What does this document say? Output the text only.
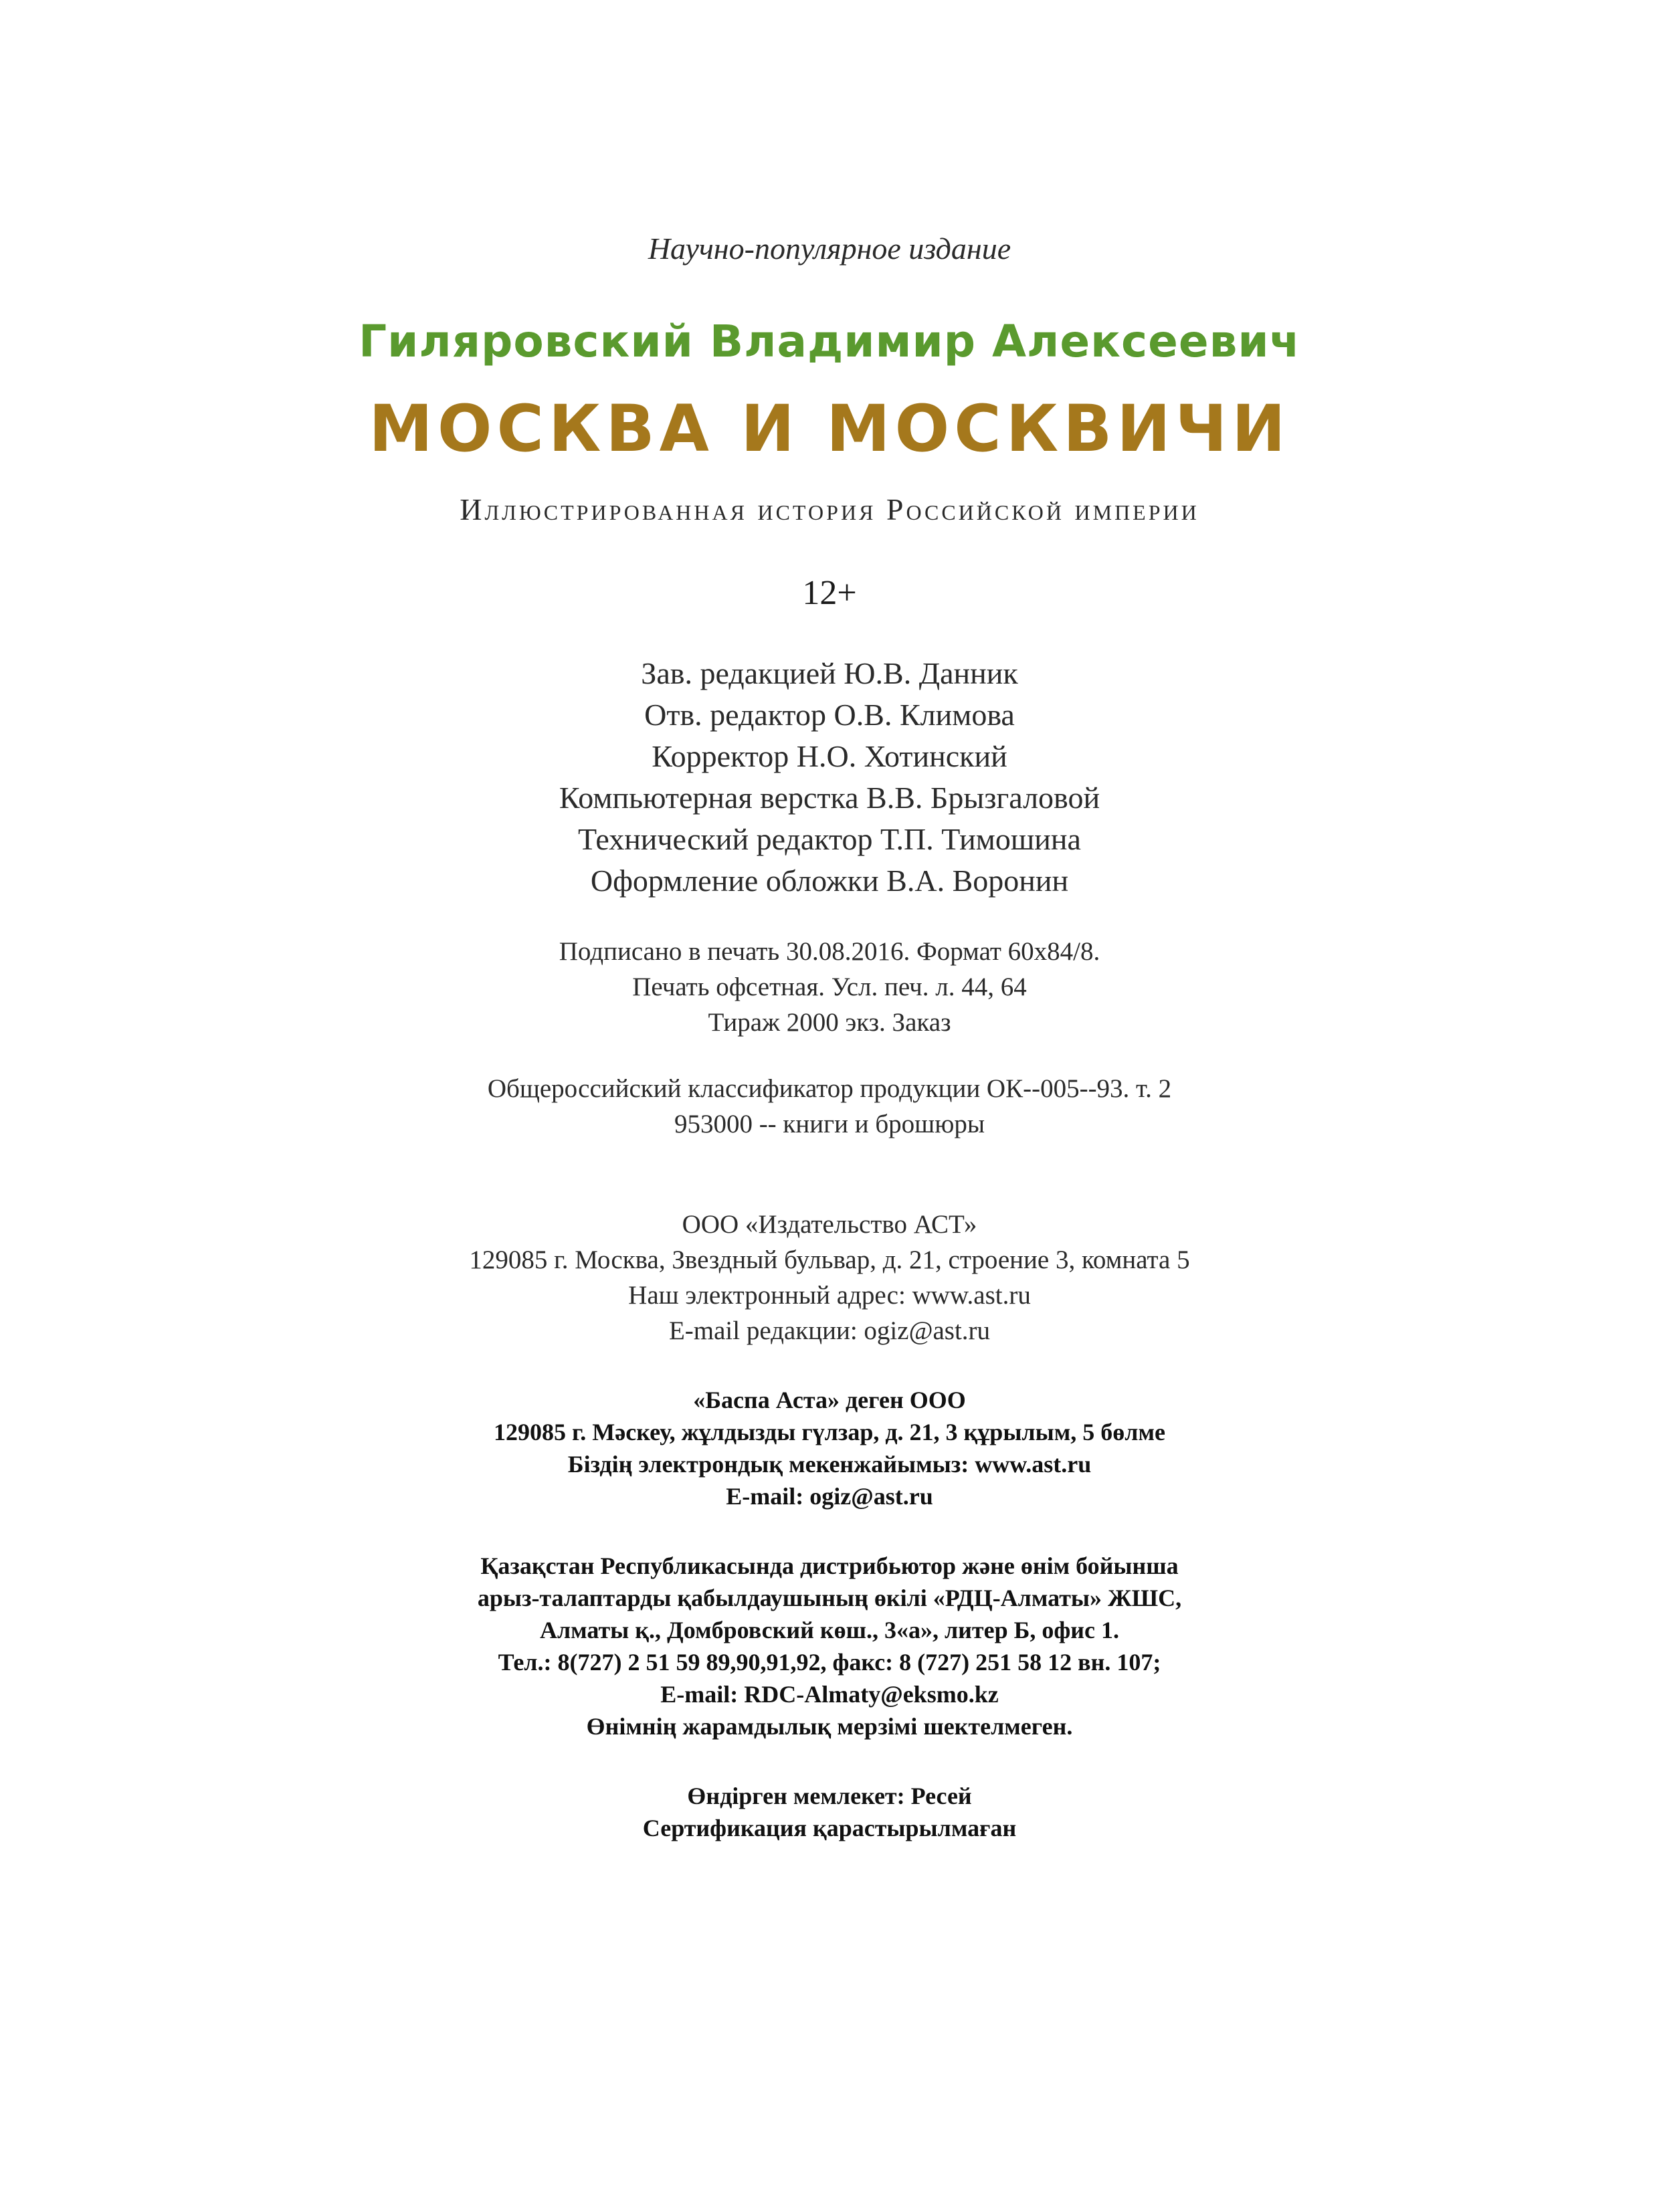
Научно-популярное издание
Гиляровский Владимир Алексеевич
МОСКВА И МОСКВИЧИ
Иллюстрированная история Российской империи
12+
Зав. редакцией Ю.В. Данник
Отв. редактор О.В. Климова
Корректор Н.О. Хотинский
Компьютерная верстка В.В. Брызгаловой
Технический редактор Т.П. Тимошина
Оформление обложки В.А. Воронин
Подписано в печать 30.08.2016. Формат 60х84/8.
Печать офсетная. Усл. печ. л. 44, 64
Тираж 2000 экз. Заказ
Общероссийский классификатор продукции ОК--005--93. т. 2
953000 -- книги и брошюры
ООО «Издательство АСТ»
129085 г. Москва, Звездный бульвар, д. 21, строение 3, комната 5
Наш электронный адрес: www.ast.ru
E-mail редакции: ogiz@ast.ru
«Баспа Аста» деген ООО
129085 г. Мәскеу, жұлдызды гүлзар, д. 21, 3 құрылым, 5 бөлме
Біздің электрондық мекенжайымыз: www.ast.ru
E-mail: ogiz@ast.ru
Қазақстан Республикасында дистрибьютор және өнім бойынша
арыз-талаптарды қабылдаушының өкілі «РДЦ-Алматы» ЖШС,
Алматы қ., Домбровский көш., 3«а», литер Б, офис 1.
Тел.: 8(727) 2 51 59 89,90,91,92, факс: 8 (727) 251 58 12 вн. 107;
E-mail: RDC-Almaty@eksmo.kz
Өнімнің жарамдылық мерзімі шектелмеген.
Өндірген мемлекет: Ресей
Сертификация қарастырылмаған
